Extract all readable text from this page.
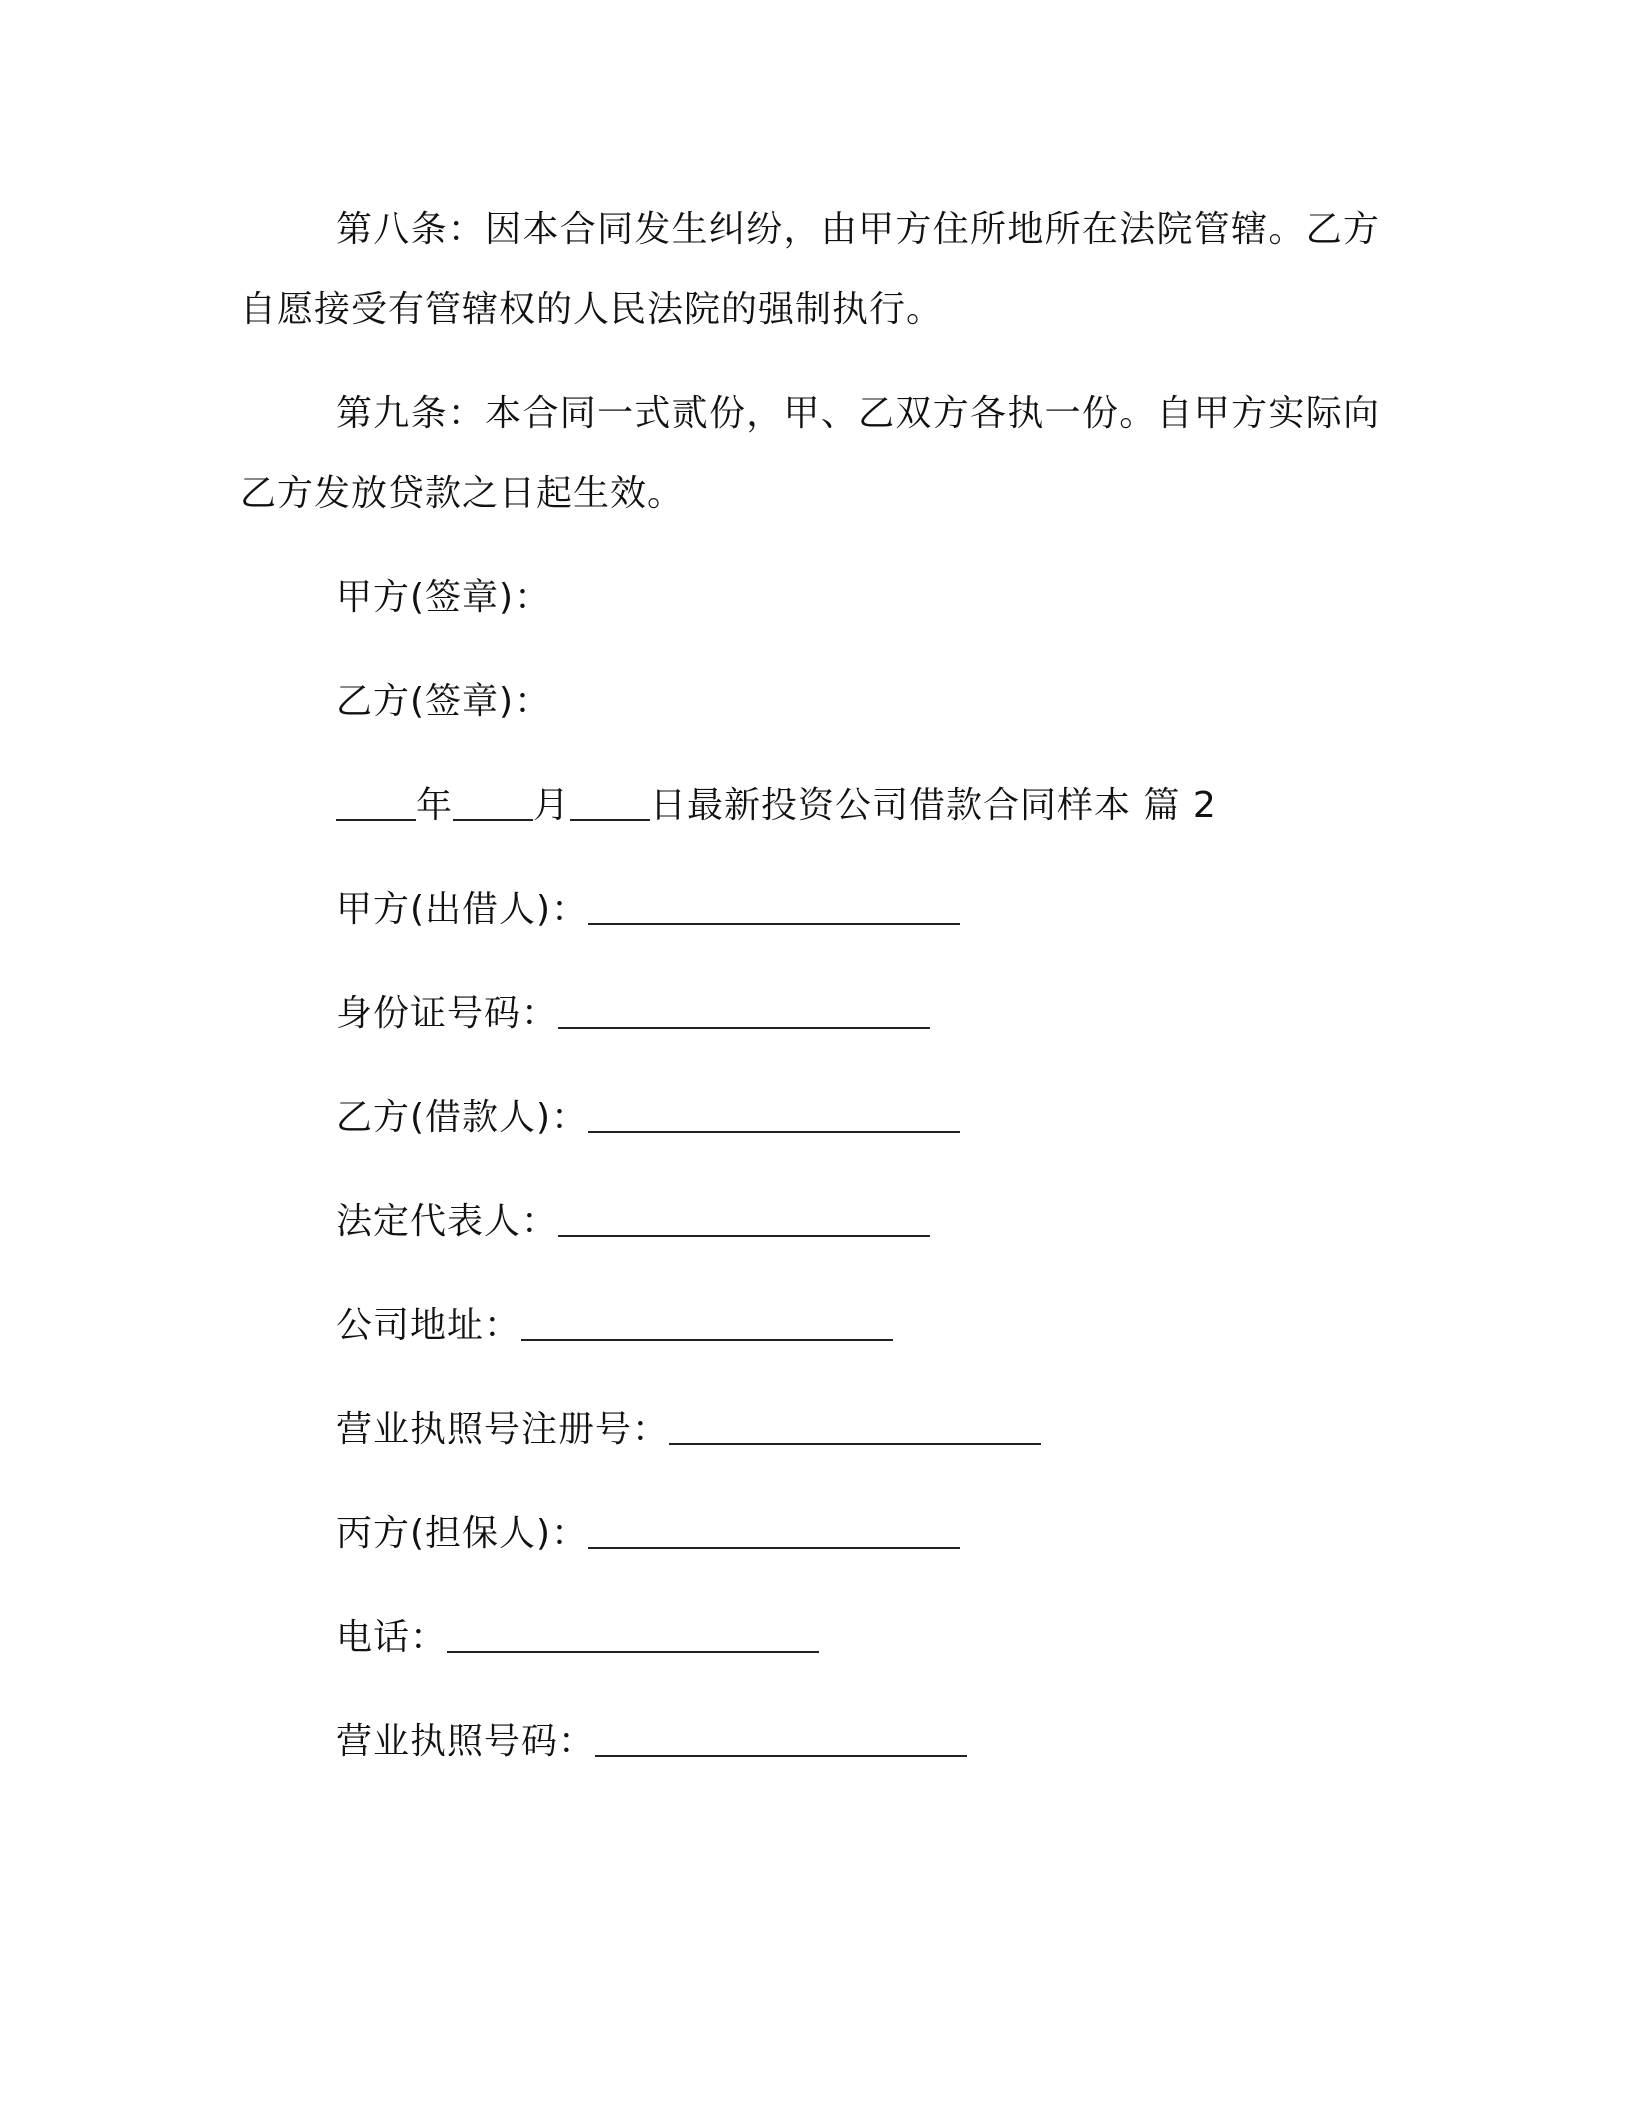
第八条：因本合同发生纠纷，由甲方住所地所在法院管辖。乙方自愿接受有管辖权的人民法院的强制执行。

第九条：本合同一式贰份，甲、乙双方各执一份。自甲方实际向乙方发放贷款之日起生效。

甲方(签章)：
乙方(签章)：
年 月 日最新投资公司借款合同样本 篇 2
甲方(出借人)：
身份证号码：
乙方(借款人)：
法定代表人：
公司地址：
营业执照号注册号：
丙方(担保人)：
电话：
营业执照号码：
